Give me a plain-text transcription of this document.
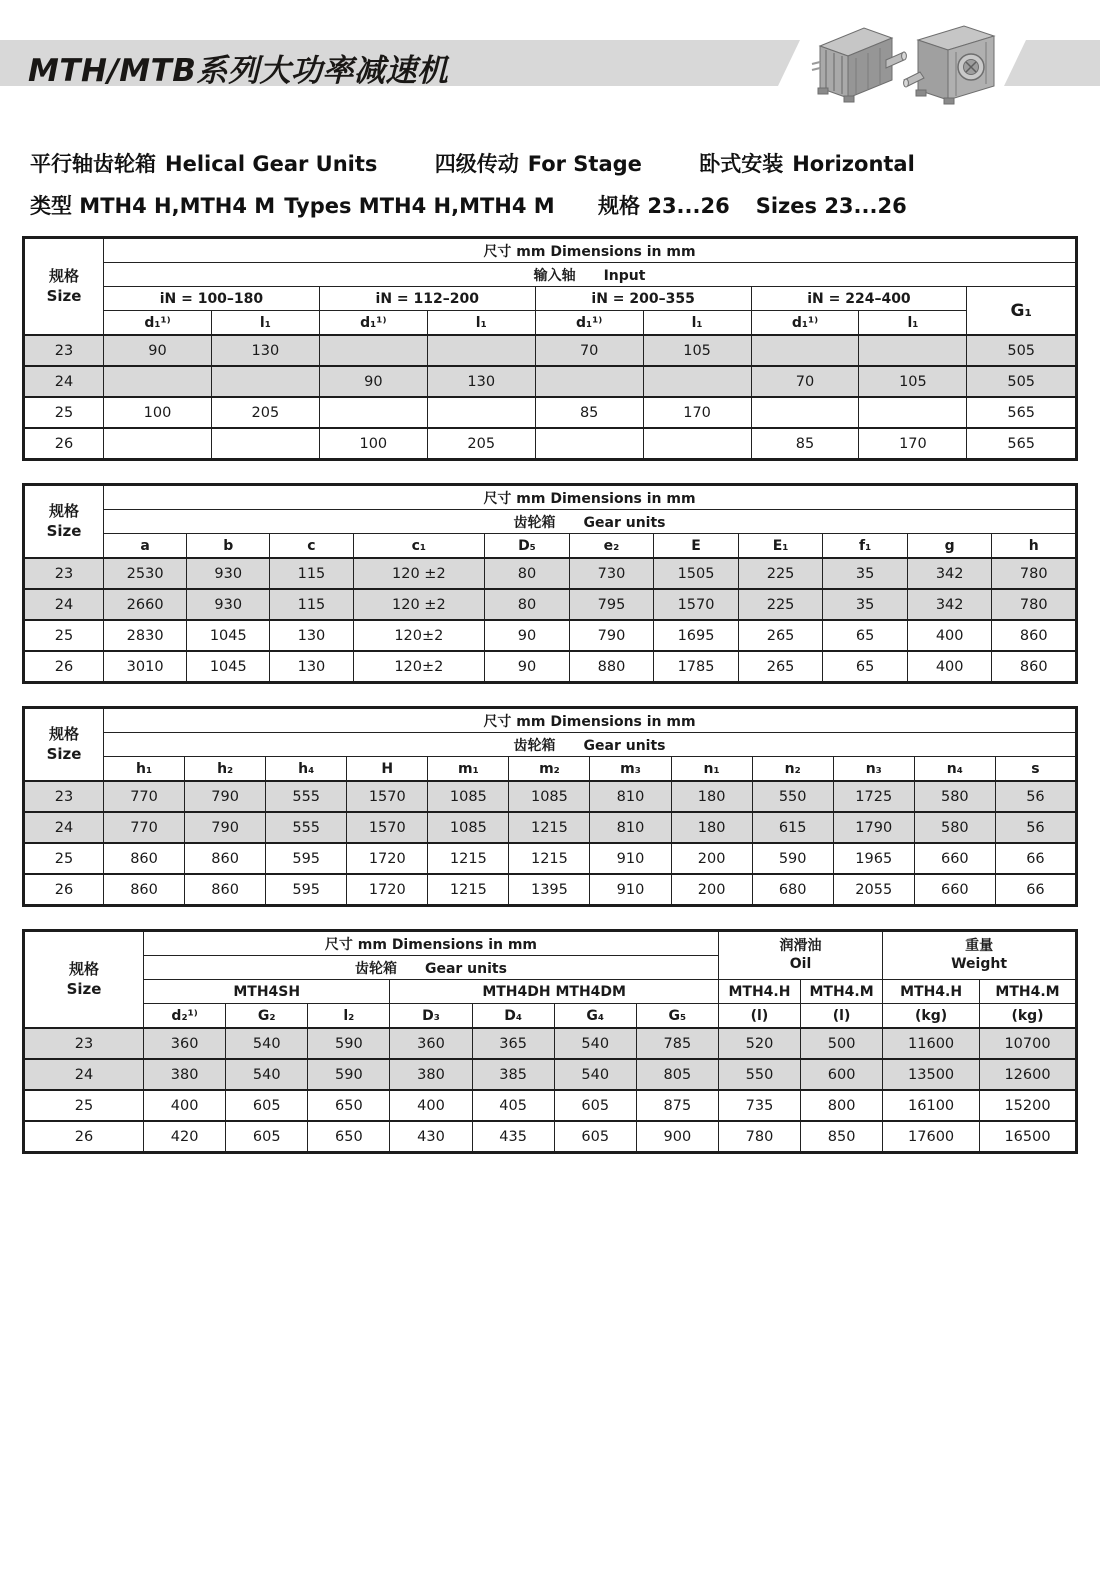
MTH/MTB系列大功率减速机
平行轴齿轮箱 Helical Gear Units	四级传动 For Stage	卧式安装 Horizontal
类型 MTH4 H,MTH4 M Types MTH4 H,MTH4 M 规格 23...26 Sizes 23...26
规格
Size	尺寸 mm Dimensions in mm								
	输入轴 Input								
	iN = 100–180		iN = 112–200		iN = 200–355		iN = 224–400		G₁
	d₁¹⁾	l₁	d₁¹⁾	l₁	d₁¹⁾	l₁	d₁¹⁾	l₁	
23	90	130			70	105			505
24			90	130			70	105	505
25	100	205			85	170			565
26			100	205			85	170	565
规格
Size	尺寸 mm Dimensions in mm										
	齿轮箱 Gear units										
	a	b	c	c₁	D₅	e₂	E	E₁	f₁	g	h
23	2530	930	115	120 ±2	80	730	1505	225	35	342	780
24	2660	930	115	120 ±2	80	795	1570	225	35	342	780
25	2830	1045	130	120±2	90	790	1695	265	65	400	860
26	3010	1045	130	120±2	90	880	1785	265	65	400	860
规格
Size	尺寸 mm Dimensions in mm											
	齿轮箱 Gear units											
	h₁	h₂	h₄	H	m₁	m₂	m₃	n₁	n₂	n₃	n₄	s
23	770	790	555	1570	1085	1085	810	180	550	1725	580	56
24	770	790	555	1570	1085	1215	810	180	615	1790	580	56
25	860	860	595	1720	1215	1215	910	200	590	1965	660	66
26	860	860	595	1720	1215	1395	910	200	680	2055	660	66
规格
Size	尺寸 mm Dimensions in mm							润滑油
Oil		重量
Weight	

	齿轮箱 Gear units										
	MTH4SH			MTH4DH MTH4DM				MTH4.H	MTH4.M	MTH4.H	MTH4.M
	d₂¹⁾	G₂	l₂	D₃	D₄	G₄	G₅	(l)	(l)	(kg)	(kg)
23	360	540	590	360	365	540	785	520	500	11600	10700
24	380	540	590	380	385	540	805	550	600	13500	12600
25	400	605	650	400	405	605	875	735	800	16100	15200
26	420	605	650	430	435	605	900	780	850	17600	16500
